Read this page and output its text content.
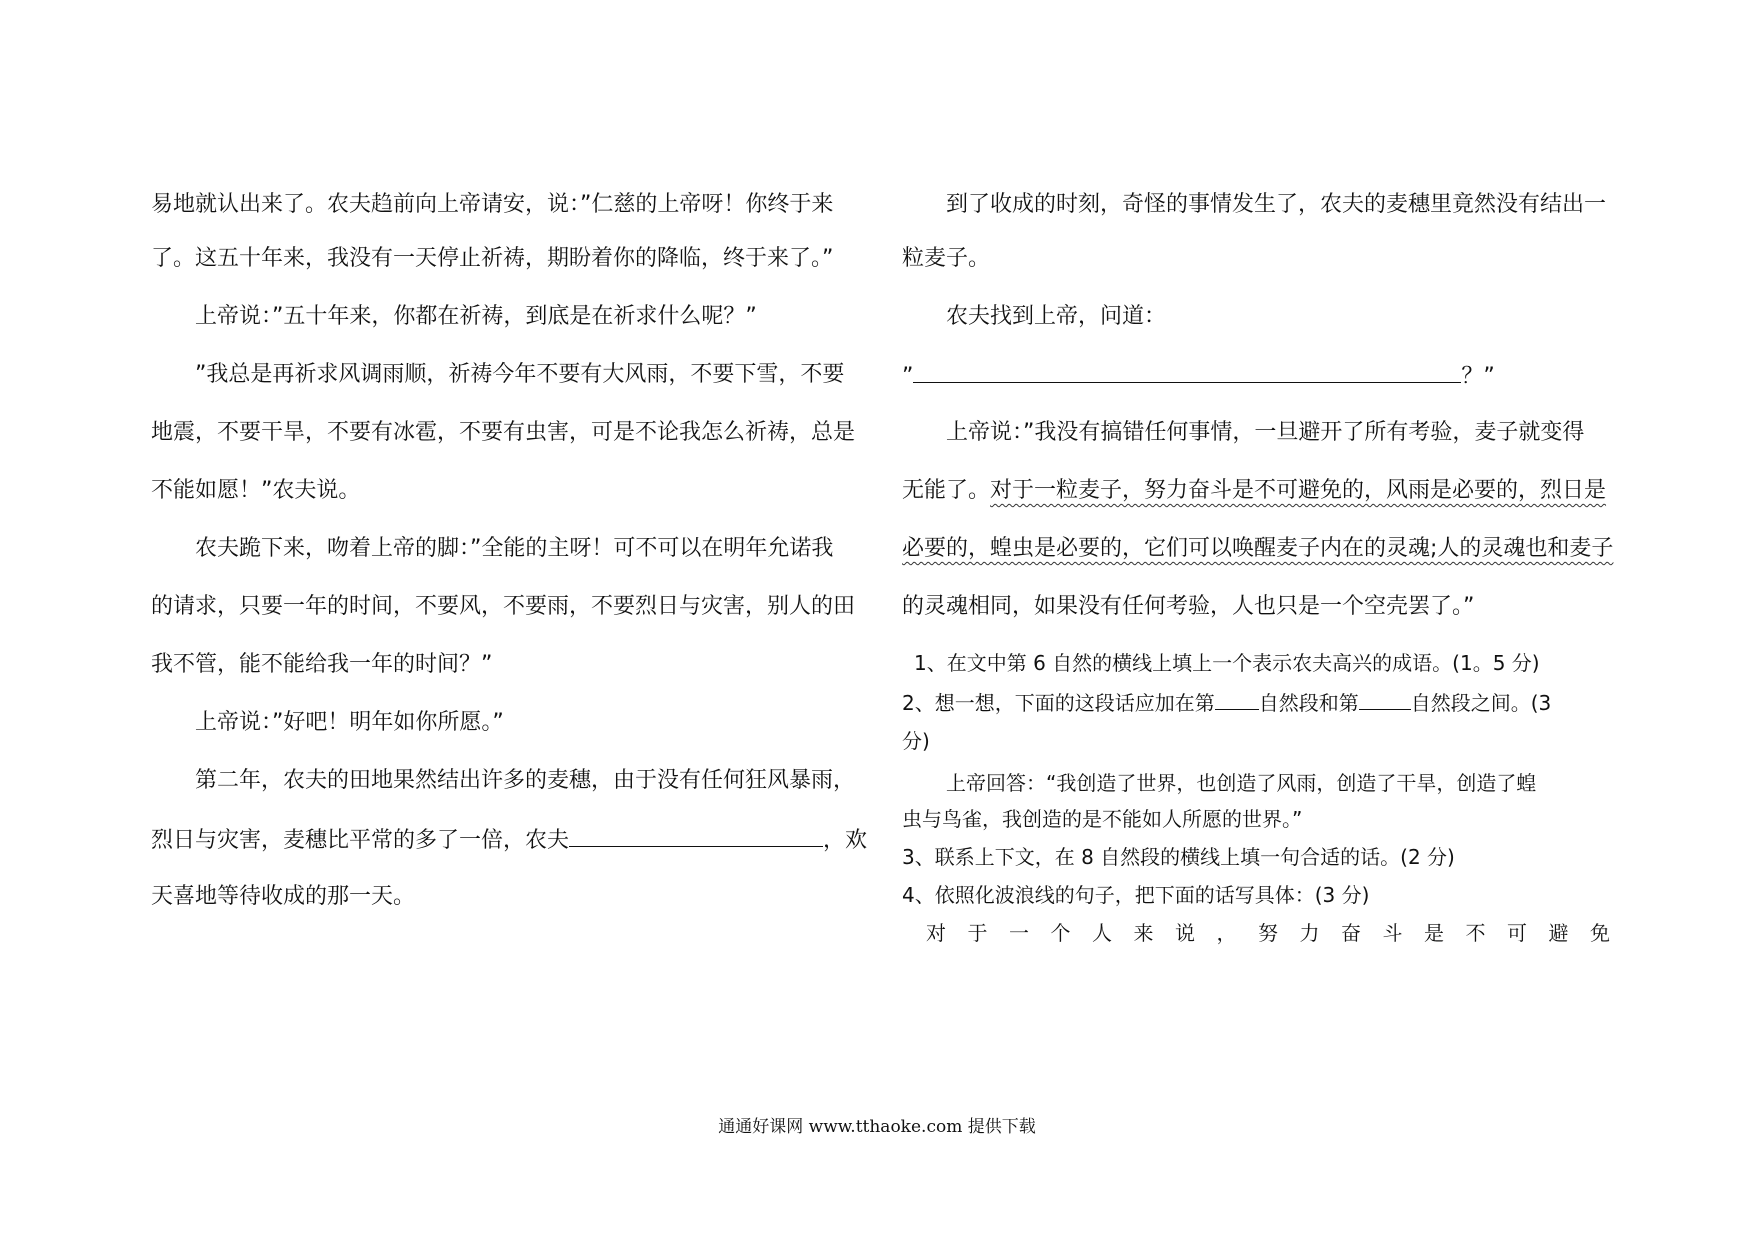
易地就认出来了。农夫趋前向上帝请安，说：”仁慈的上帝呀！你终于来
了。这五十年来，我没有一天停止祈祷，期盼着你的降临，终于来了。”
上帝说：”五十年来，你都在祈祷，到底是在祈求什么呢？”
”我总是再祈求风调雨顺，祈祷今年不要有大风雨，不要下雪，不要
地震，不要干旱，不要有冰雹，不要有虫害，可是不论我怎么祈祷，总是
不能如愿！”农夫说。
农夫跪下来，吻着上帝的脚：”全能的主呀！可不可以在明年允诺我
的请求，只要一年的时间，不要风，不要雨，不要烈日与灾害，别人的田
我不管，能不能给我一年的时间？”
上帝说：”好吧！明年如你所愿。”
第二年，农夫的田地果然结出许多的麦穗，由于没有任何狂风暴雨，
烈日与灾害，麦穗比平常的多了一倍，农夫	，欢
天喜地等待收成的那一天。
到了收成的时刻，奇怪的事情发生了，农夫的麦穗里竟然没有结出一
粒麦子。
农夫找到上帝，问道：
”	？”
上帝说：”我没有搞错任何事情，一旦避开了所有考验，麦子就变得
无能了。对于一粒麦子，努力奋斗是不可避免的，风雨是必要的，烈日是
必要的，蝗虫是必要的，它们可以唤醒麦子内在的灵魂;人的灵魂也和麦子
的灵魂相同，如果没有任何考验，人也只是一个空壳罢了。”
1、在文中第 6 自然的横线上填上一个表示农夫高兴的成语。(1。5 分)
2、想一想，下面的这段话应加在第 自然段和第	自然段之间。(3
分)
上帝回答：“我创造了世界，也创造了风雨，创造了干旱，创造了蝗
虫与鸟雀，我创造的是不能如人所愿的世界。”
3、联系上下文，在 8 自然段的横线上填一句合适的话。(2 分)
4、依照化波浪线的句子，把下面的话写具体：(3 分)
对于一个人来说，努力奋斗是不可避免
通通好课网 www.tthaoke.com 提供下载
